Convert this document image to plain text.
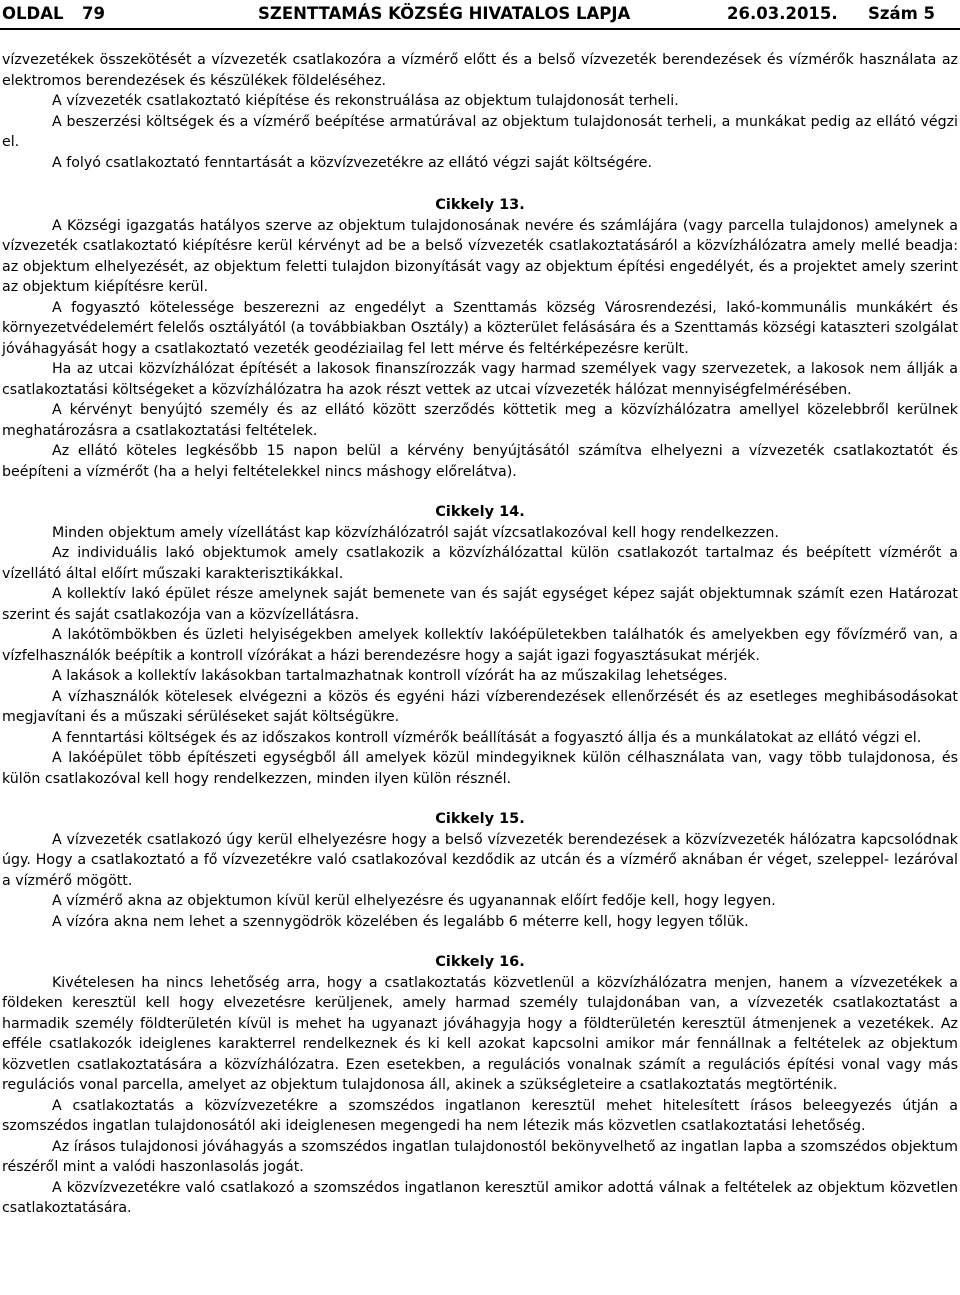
OLDAL 79	SZENTTAMÁS KÖZSÉG HIVATALOS LAPJA	26.03.2015. Szám 5

vízvezetékek összekötését a vízvezeték csatlakozóra a vízmérő előtt és a belső vízvezeték berendezések és vízmérők használata az elektromos berendezések és készülékek földeléséhez.

A vízvezeték csatlakoztató kiépítése és rekonstruálása az objektum tulajdonosát terheli.

A beszerzési költségek és a vízmérő beépítése armatúrával az objektum tulajdonosát terheli, a munkákat pedig az ellátó végzi el.

A folyó csatlakoztató fenntartását a közvízvezetékre az ellátó végzi saját költségére.

Cikkely 13.

A Községi igazgatás hatályos szerve az objektum tulajdonosának nevére és számlájára (vagy parcella tulajdonos) amelynek a vízvezeték csatlakoztató kiépítésre kerül kérvényt ad be a belső vízvezeték csatlakoztatásáról a közvízhálózatra amely mellé beadja: az objektum elhelyezését, az objektum feletti tulajdon bizonyítását vagy az objektum építési engedélyét, és a projektet amely szerint az objektum kiépítésre kerül.

A fogyasztó kötelessége beszerezni az engedélyt a Szenttamás község Városrendezési, lakó-kommunális munkákért és környezetvédelemért felelős osztályától (a továbbiakban Osztály) a közterület felásására és a Szenttamás községi kataszteri szolgálat jóváhagyását hogy a csatlakoztató vezeték geodéziailag fel lett mérve és feltérképezésre került.

Ha az utcai közvízhálózat építését a lakosok finanszírozzák vagy harmad személyek vagy szervezetek, a lakosok nem állják a csatlakoztatási költségeket a közvízhálózatra ha azok részt vettek az utcai vízvezeték hálózat mennyiségfelmérésében.

A kérvényt benyújtó személy és az ellátó között szerződés köttetik meg a közvízhálózatra amellyel közelebbről kerülnek meghatározásra a csatlakoztatási feltételek.

Az ellátó köteles legkésőbb 15 napon belül a kérvény benyújtásától számítva elhelyezni a vízvezeték csatlakoztatót és beépíteni a vízmérőt (ha a helyi feltételekkel nincs máshogy előrelátva).

Cikkely 14.

Minden objektum amely vízellátást kap közvízhálózatról saját vízcsatlakozóval kell hogy rendelkezzen.

Az individuális lakó objektumok amely csatlakozik a közvízhálózattal külön csatlakozót tartalmaz és beépített vízmérőt a vízellátó által előírt műszaki karakterisztikákkal.

A kollektív lakó épület része amelynek saját bemenete van és saját egységet képez saját objektumnak számít ezen Határozat szerint és saját csatlakozója van a közvízellátásra.

A lakótömbökben és üzleti helyiségekben amelyek kollektív lakóépületekben találhatók és amelyekben egy fővízmérő van, a vízfelhasználók beépítik a kontroll vízórákat a házi berendezésre hogy a saját igazi fogyasztásukat mérjék.

A lakások a kollektív lakásokban tartalmazhatnak kontroll vízórát ha az műszakilag lehetséges.

A vízhasználók kötelesek elvégezni a közös és egyéni házi vízberendezések ellenőrzését és az esetleges meghibásodásokat megjavítani és a műszaki sérüléseket saját költségükre.

A fenntartási költségek és az időszakos kontroll vízmérők beállítását a fogyasztó állja és a munkálatokat az ellátó végzi el.

A lakóépület több építészeti egységből áll amelyek közül mindegyiknek külön célhasználata van, vagy több tulajdonosa, és külön csatlakozóval kell hogy rendelkezzen, minden ilyen külön résznél.

Cikkely 15.

A vízvezeték csatlakozó úgy kerül elhelyezésre hogy a belső vízvezeték berendezések a közvízvezeték hálózatra kapcsolódnak úgy. Hogy a csatlakoztató a fő vízvezetékre való csatlakozóval kezdődik az utcán és a vízmérő aknában ér véget, szeleppel- lezáróval a vízmérő mögött.

A vízmérő akna az objektumon kívül kerül elhelyezésre és ugyanannak előírt fedője kell, hogy legyen.

A vízóra akna nem lehet a szennygödrök közelében és legalább 6 méterre kell, hogy legyen tőlük.

Cikkely 16.

Kivételesen ha nincs lehetőség arra, hogy a csatlakoztatás közvetlenül a közvízhálózatra menjen, hanem a vízvezetékek a földeken keresztül kell hogy elvezetésre kerüljenek, amely harmad személy tulajdonában van, a vízvezeték csatlakoztatást a harmadik személy földterületén kívül is mehet ha ugyanazt jóváhagyja hogy a földterületén keresztül átmenjenek a vezetékek. Az efféle csatlakozók ideiglenes karakterrel rendelkeznek és ki kell azokat kapcsolni amikor már fennállnak a feltételek az objektum közvetlen csatlakoztatására a közvízhálózatra. Ezen esetekben, a regulációs vonalnak számít a regulációs építési vonal vagy más regulációs vonal parcella, amelyet az objektum tulajdonosa áll, akinek a szükségleteire a csatlakoztatás megtörténik.

A csatlakoztatás a közvízvezetékre a szomszédos ingatlanon keresztül mehet hitelesített írásos beleegyezés útján a szomszédos ingatlan tulajdonosától aki ideiglenesen megengedi ha nem létezik más közvetlen csatlakoztatási lehetőség.

Az írásos tulajdonosi jóváhagyás a szomszédos ingatlan tulajdonostól bekönyvelhető az ingatlan lapba a szomszédos objektum részéről mint a valódi haszonlasolás jogát.

A közvízvezetékre való csatlakozó a szomszédos ingatlanon keresztül amikor adottá válnak a feltételek az objektum közvetlen csatlakoztatására.
